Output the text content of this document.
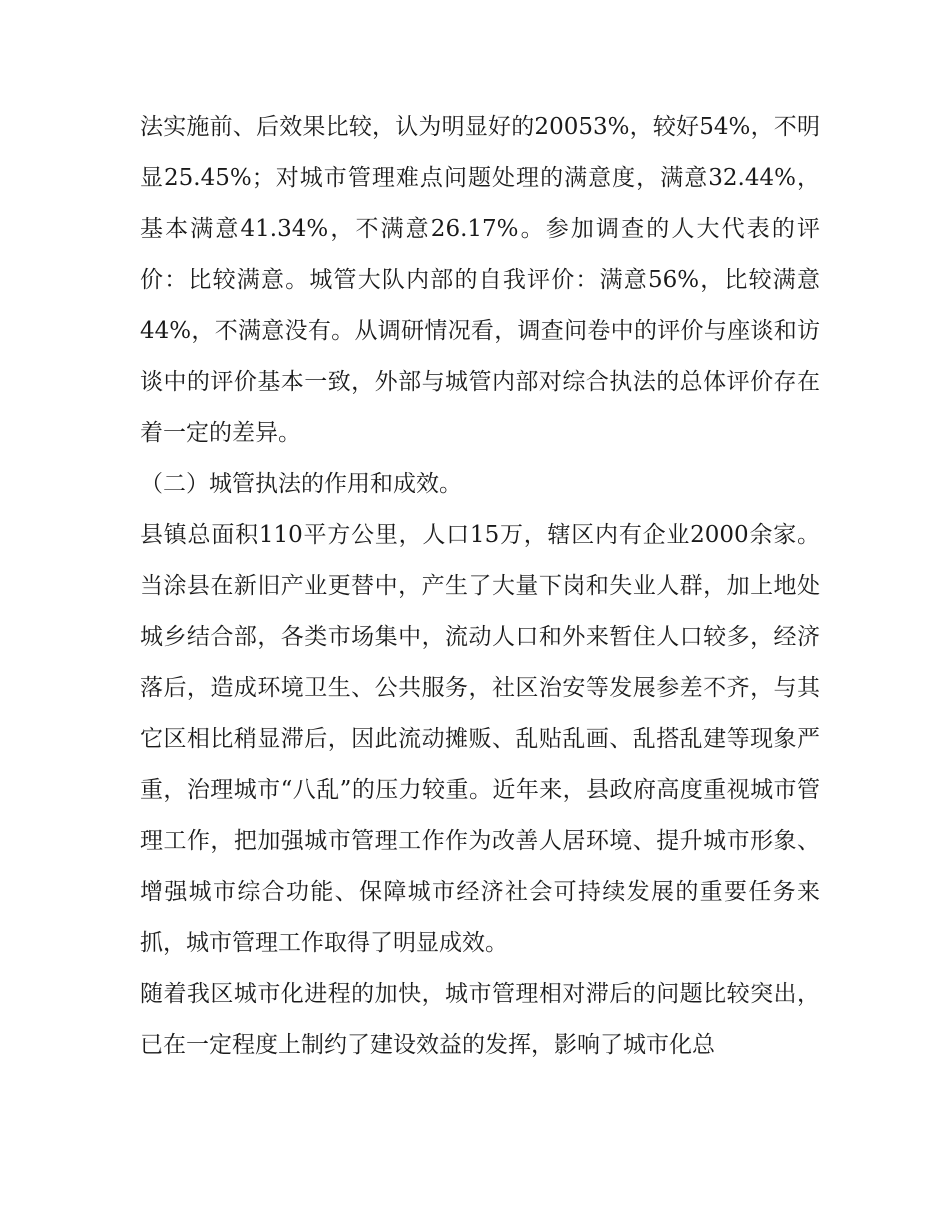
法实施前、后效果比较，认为明显好的20053%，较好54%，不明显25.45%；对城市管理难点问题处理的满意度，满意32.44%，基本满意41.34%，不满意26.17%。参加调查的人大代表的评价：比较满意。城管大队内部的自我评价：满意56%，比较满意44%，不满意没有。从调研情况看，调查问卷中的评价与座谈和访谈中的评价基本一致，外部与城管内部对综合执法的总体评价存在着一定的差异。

（二）城管执法的作用和成效。

县镇总面积110平方公里，人口15万，辖区内有企业2000余家。当涂县在新旧产业更替中，产生了大量下岗和失业人群，加上地处城乡结合部，各类市场集中，流动人口和外来暂住人口较多，经济落后，造成环境卫生、公共服务，社区治安等发展参差不齐，与其它区相比稍显滞后，因此流动摊贩、乱贴乱画、乱搭乱建等现象严重，治理城市“八乱”的压力较重。近年来，县政府高度重视城市管理工作，把加强城市管理工作作为改善人居环境、提升城市形象、增强城市综合功能、保障城市经济社会可持续发展的重要任务来抓，城市管理工作取得了明显成效。

随着我区城市化进程的加快，城市管理相对滞后的问题比较突出，已在一定程度上制约了建设效益的发挥，影响了城市化总
